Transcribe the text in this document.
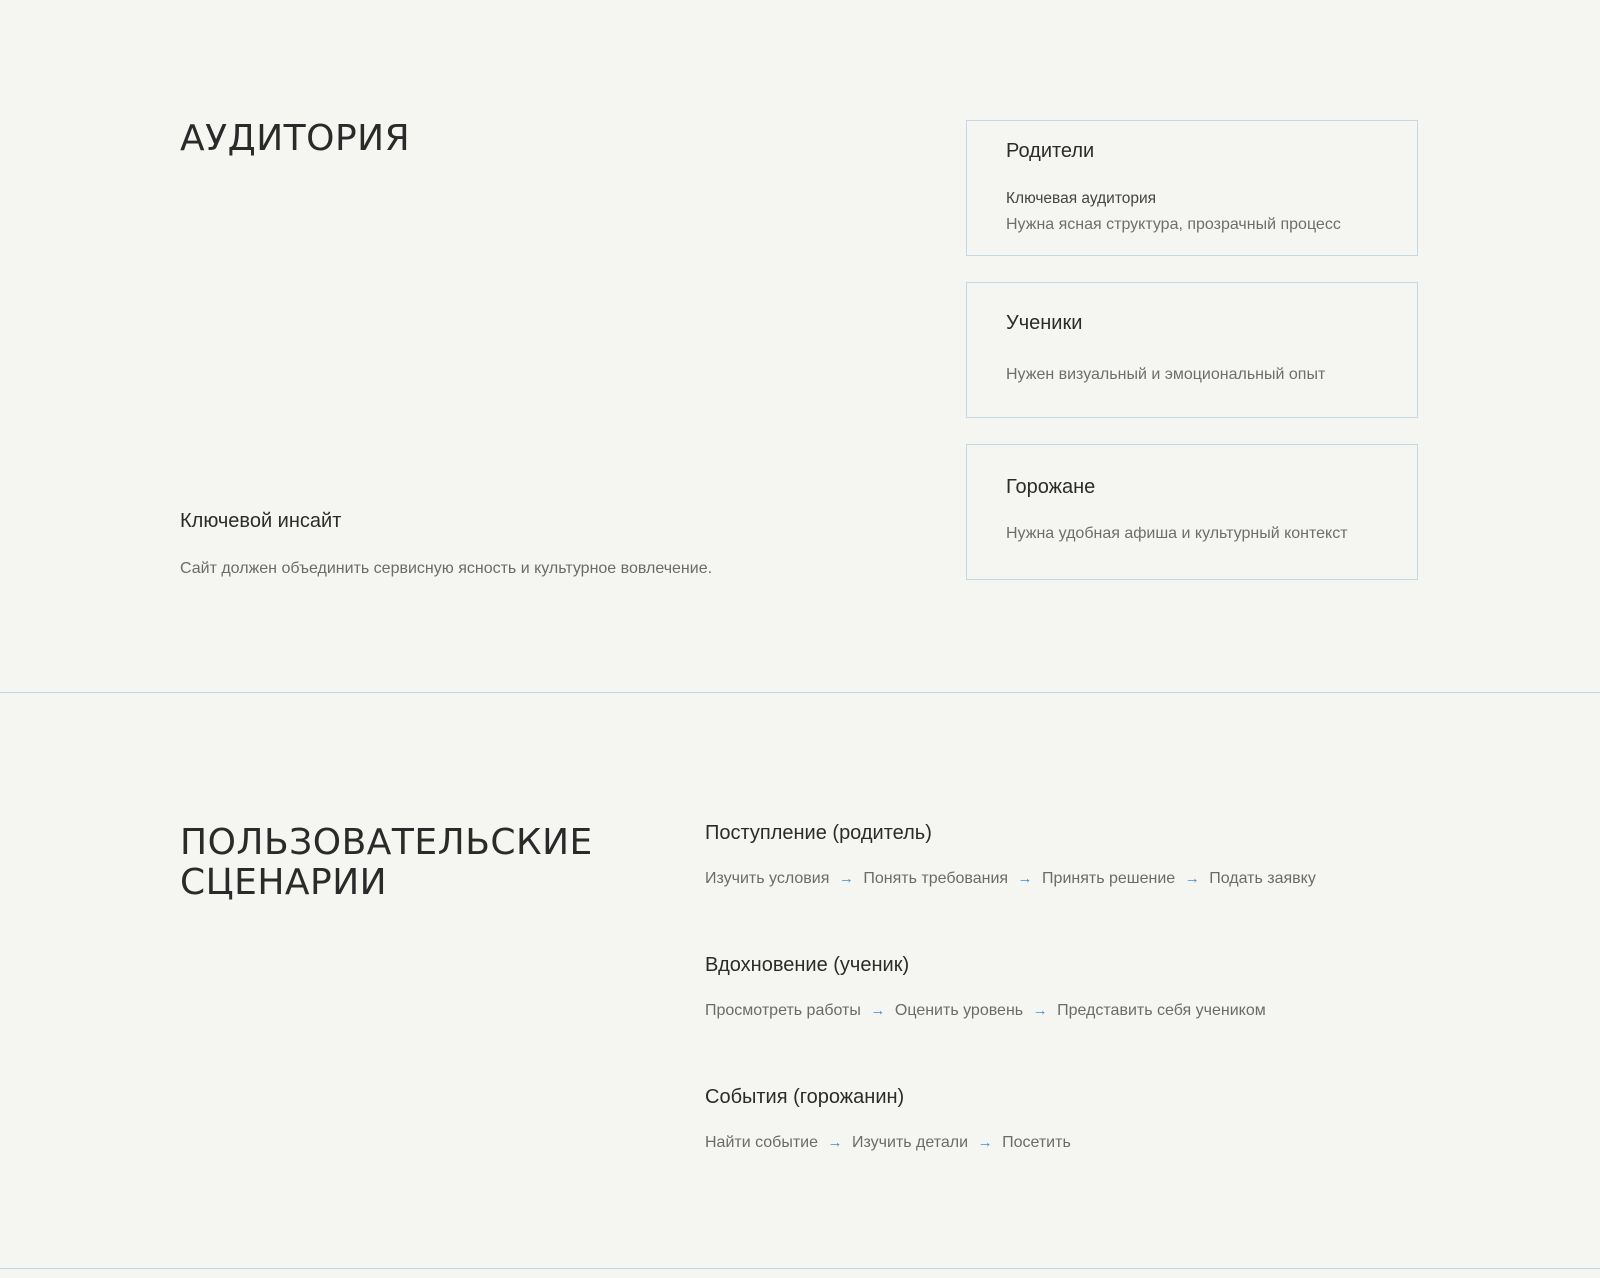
АУДИТОРИЯ
Ключевой инсайт
Сайт должен объединить сервисную ясность и культурное вовлечение.
Родители
Ключевая аудитория
Нужна ясная структура, прозрачный процесс
Ученики
Нужен визуальный и эмоциональный опыт
Горожане
Нужна удобная афиша и культурный контекст
ПОЛЬЗОВАТЕЛЬСКИЕ
СЦЕНАРИИ
Поступление (родитель)
Изучить условия → Понять требования → Принять решение → Подать заявку
Вдохновение (ученик)
Просмотреть работы → Оценить уровень → Представить себя учеником
События (горожанин)
Найти событие → Изучить детали → Посетить
